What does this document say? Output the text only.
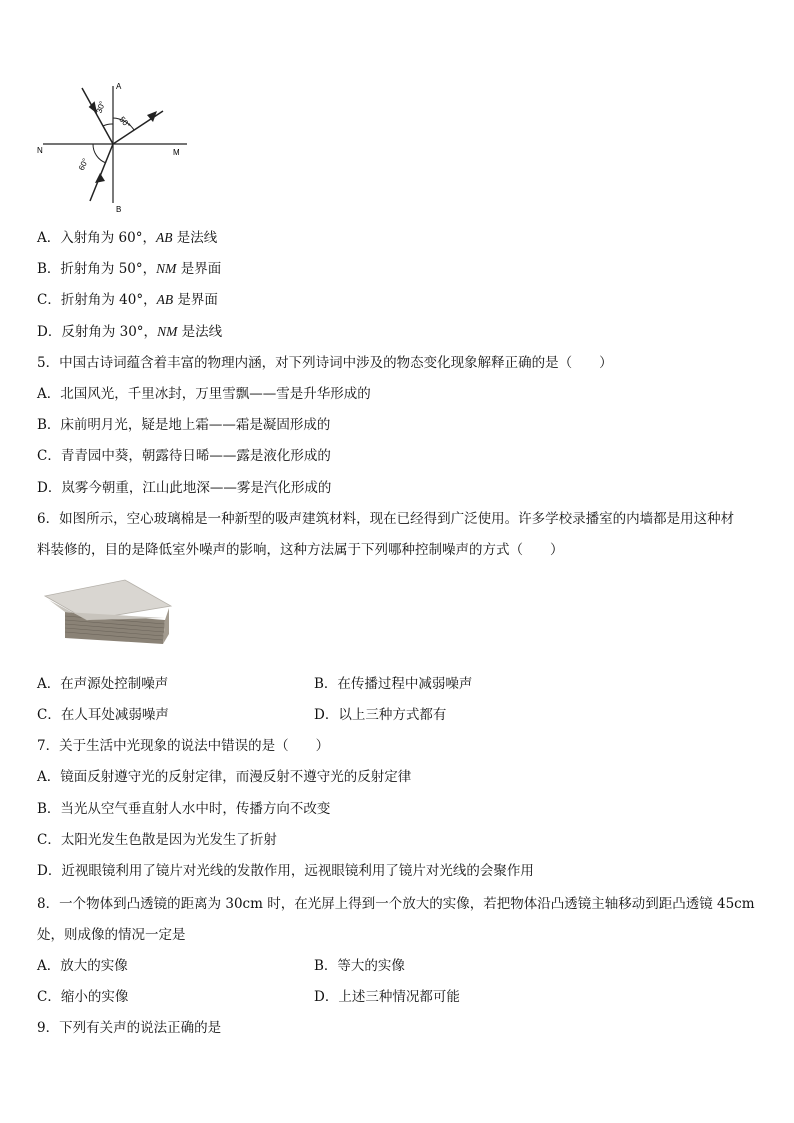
A
B
N	M
30°
50°
60°
A．入射角为 60°，AB 是法线
B．折射角为 50°，NM 是界面
C．折射角为 40°，AB 是界面
D．反射角为 30°，NM 是法线
5．中国古诗词蕴含着丰富的物理内涵，对下列诗词中涉及的物态变化现象解释正确的是（　　）
A．北国风光，千里冰封，万里雪飘——雪是升华形成的
B．床前明月光，疑是地上霜——霜是凝固形成的
C．青青园中葵，朝露待日晞——露是液化形成的
D．岚雾今朝重，江山此地深——雾是汽化形成的
6．如图所示，空心玻璃棉是一种新型的吸声建筑材料，现在已经得到广泛使用。许多学校录播室的内墙都是用这种材
料装修的，目的是降低室外噪声的影响，这种方法属于下列哪种控制噪声的方式（　　）
A．在声源处控制噪声	B．在传播过程中减弱噪声
C．在人耳处减弱噪声	D．以上三种方式都有
7．关于生活中光现象的说法中错误的是（　　）
A．镜面反射遵守光的反射定律，而漫反射不遵守光的反射定律
B．当光从空气垂直射人水中时，传播方向不改变
C．太阳光发生色散是因为光发生了折射
D．近视眼镜利用了镜片对光线的发散作用，远视眼镜利用了镜片对光线的会聚作用
8．一个物体到凸透镜的距离为 30cm 时，在光屏上得到一个放大的实像，若把物体沿凸透镜主轴移动到距凸透镜 45cm
处，则成像的情况一定是
A．放大的实像	B．等大的实像
C．缩小的实像	D．上述三种情况都可能
9．下列有关声的说法正确的是
